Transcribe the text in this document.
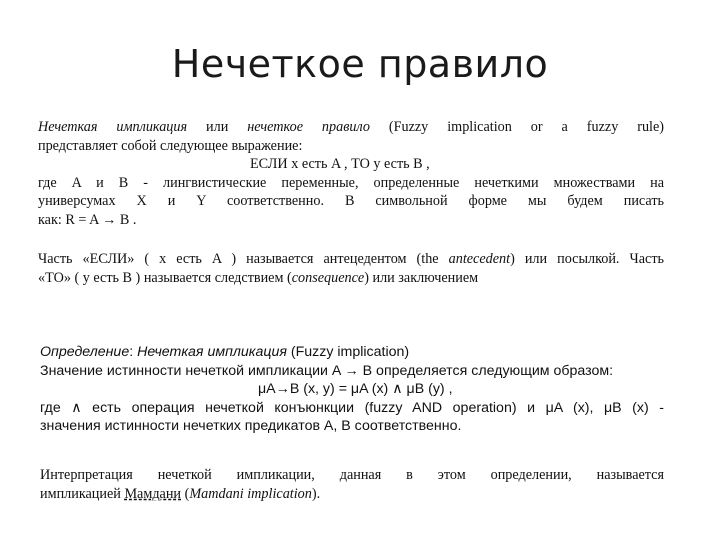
Нечеткое правило
Нечеткая импликация или нечеткое правило (Fuzzy implication or a fuzzy rule)
представляет собой следующее выражение:
ЕСЛИ x есть A , ТО y есть B ,
где A и B - лингвистические переменные, определенные нечеткими множествами на
универсумах X и Y соответственно. В символьной форме мы будем писать
как: R = A → B .
Часть «ЕСЛИ» ( x есть A ) называется антецедентом (the antecedent) или посылкой. Часть
«ТО» ( y есть B ) называется следствием (consequence) или заключением
Определение: Нечеткая импликация (Fuzzy implication)
Значение истинности нечеткой импликации A → B определяется следующим образом:
μA→B (x, y) = μA (x) ∧ μB (y) ,
где ∧ есть операция нечеткой конъюнкции (fuzzy AND operation) и μA (x), μB (x) -
значения истинности нечетких предикатов A, B соответственно.
Интерпретация нечеткой импликации, данная в этом определении, называется
импликацией Мамдани (Mamdani implication).
